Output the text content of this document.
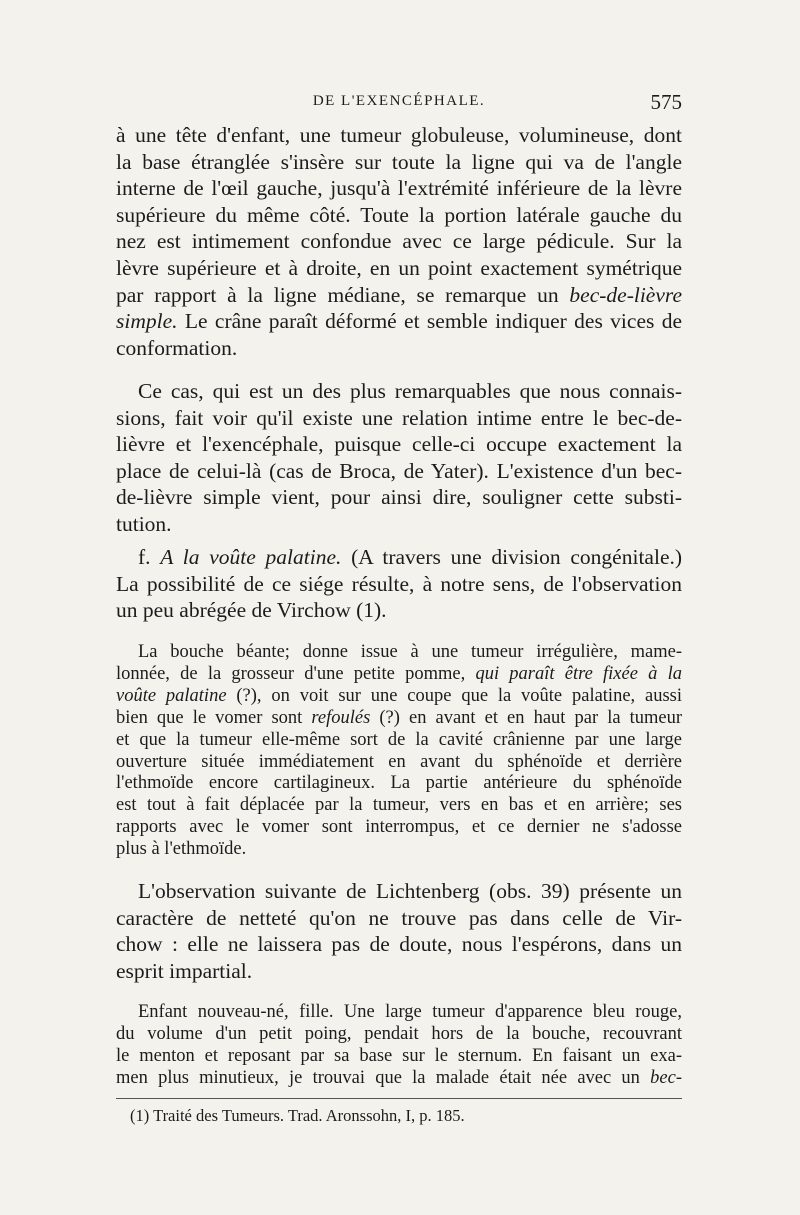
DE L'EXENCÉPHALE.	575
à une tête d'enfant, une tumeur globuleuse, volumineuse, dont
la base étranglée s'insère sur toute la ligne qui va de l'angle
interne de l'œil gauche, jusqu'à l'extrémité inférieure de la lèvre
supérieure du même côté. Toute la portion latérale gauche du
nez est intimement confondue avec ce large pédicule. Sur la
lèvre supérieure et à droite, en un point exactement symétrique
par rapport à la ligne médiane, se remarque un bec-de-lièvre
simple. Le crâne paraît déformé et semble indiquer des vices de
conformation.
Ce cas, qui est un des plus remarquables que nous connais-
sions, fait voir qu'il existe une relation intime entre le bec-de-
lièvre et l'exencéphale, puisque celle-ci occupe exactement la
place de celui-là (cas de Broca, de Yater). L'existence d'un bec-
de-lièvre simple vient, pour ainsi dire, souligner cette substi-
tution.
f. A la voûte palatine. (A travers une division congénitale.)
La possibilité de ce siége résulte, à notre sens, de l'observation
un peu abrégée de Virchow (1).
La bouche béante; donne issue à une tumeur irrégulière, mame-
lonnée, de la grosseur d'une petite pomme, qui paraît être fixée à la
voûte palatine (?), on voit sur une coupe que la voûte palatine, aussi
bien que le vomer sont refoulés (?) en avant et en haut par la tumeur
et que la tumeur elle-même sort de la cavité crânienne par une large
ouverture située immédiatement en avant du sphénoïde et derrière
l'ethmoïde encore cartilagineux. La partie antérieure du sphénoïde
est tout à fait déplacée par la tumeur, vers en bas et en arrière; ses
rapports avec le vomer sont interrompus, et ce dernier ne s'adosse
plus à l'ethmoïde.
L'observation suivante de Lichtenberg (obs. 39) présente un
caractère de netteté qu'on ne trouve pas dans celle de Vir-
chow : elle ne laissera pas de doute, nous l'espérons, dans un
esprit impartial.
Enfant nouveau-né, fille. Une large tumeur d'apparence bleu rouge,
du volume d'un petit poing, pendait hors de la bouche, recouvrant
le menton et reposant par sa base sur le sternum. En faisant un exa-
men plus minutieux, je trouvai que la malade était née avec un bec-
(1) Traité des Tumeurs. Trad. Aronssohn, I, p. 185.
